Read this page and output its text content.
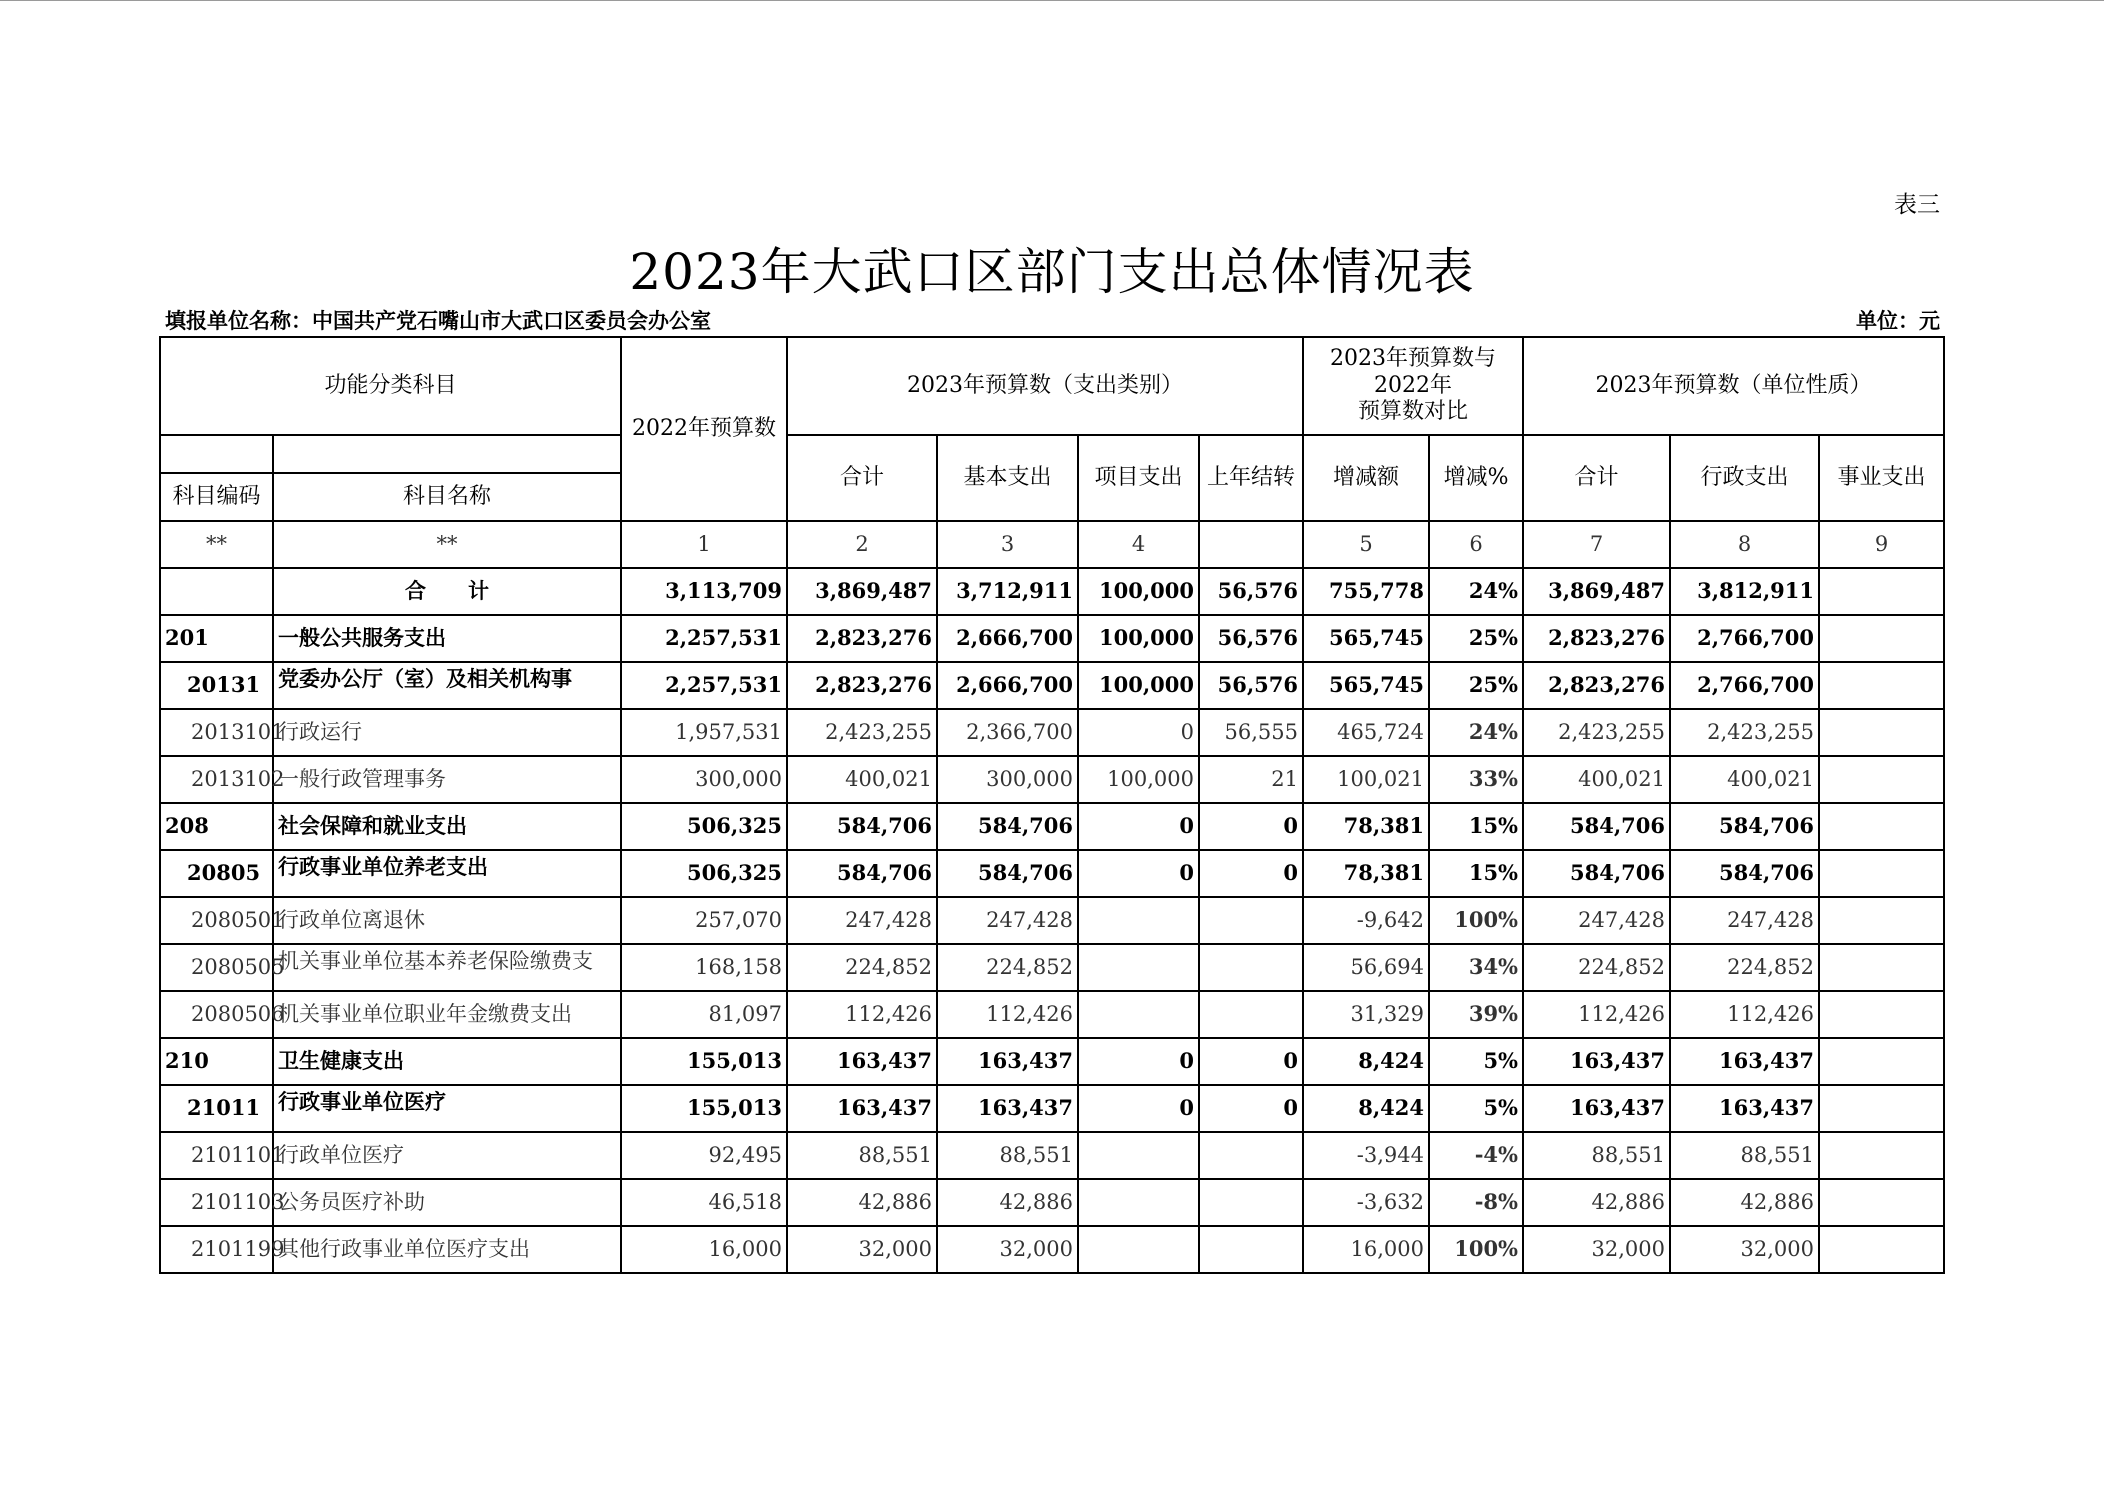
表三
2023年大武口区部门支出总体情况表
填报单位名称：中国共产党石嘴山市大武口区委员会办公室	单位：元
功能分类科目		2022年预算数	2023年预算数（支出类别）				2023年预算数与
2022年
预算数对比		2023年预算数（单位性质）		
			合计	基本支出	项目支出	上年结转	增减额	增减%	合计	行政支出	事业支出
科目编码	科目名称										
**	**	1	2	3	4		5	6	7	8	9
	合　　计	3,113,709	3,869,487	3,712,911	100,000	56,576	755,778	24%	3,869,487	3,812,911	
201	一般公共服务支出	2,257,531	2,823,276	2,666,700	100,000	56,576	565,745	25%	2,823,276	2,766,700	
20131	党委办公厅（室）及相关机构事	2,257,531	2,823,276	2,666,700	100,000	56,576	565,745	25%	2,823,276	2,766,700	
2013101	行政运行	1,957,531	2,423,255	2,366,700	0	56,555	465,724	24%	2,423,255	2,423,255	
2013102	一般行政管理事务	300,000	400,021	300,000	100,000	21	100,021	33%	400,021	400,021	
208	社会保障和就业支出	506,325	584,706	584,706	0	0	78,381	15%	584,706	584,706	
20805	行政事业单位养老支出	506,325	584,706	584,706	0	0	78,381	15%	584,706	584,706	
2080501	行政单位离退休	257,070	247,428	247,428			-9,642	100%	247,428	247,428	
2080505	机关事业单位基本养老保险缴费支	168,158	224,852	224,852			56,694	34%	224,852	224,852	
2080506	机关事业单位职业年金缴费支出	81,097	112,426	112,426			31,329	39%	112,426	112,426	
210	卫生健康支出	155,013	163,437	163,437	0	0	8,424	5%	163,437	163,437	
21011	行政事业单位医疗	155,013	163,437	163,437	0	0	8,424	5%	163,437	163,437	
2101101	行政单位医疗	92,495	88,551	88,551			-3,944	-4%	88,551	88,551	
2101103	公务员医疗补助	46,518	42,886	42,886			-3,632	-8%	42,886	42,886	
2101199	其他行政事业单位医疗支出	16,000	32,000	32,000			16,000	100%	32,000	32,000	
